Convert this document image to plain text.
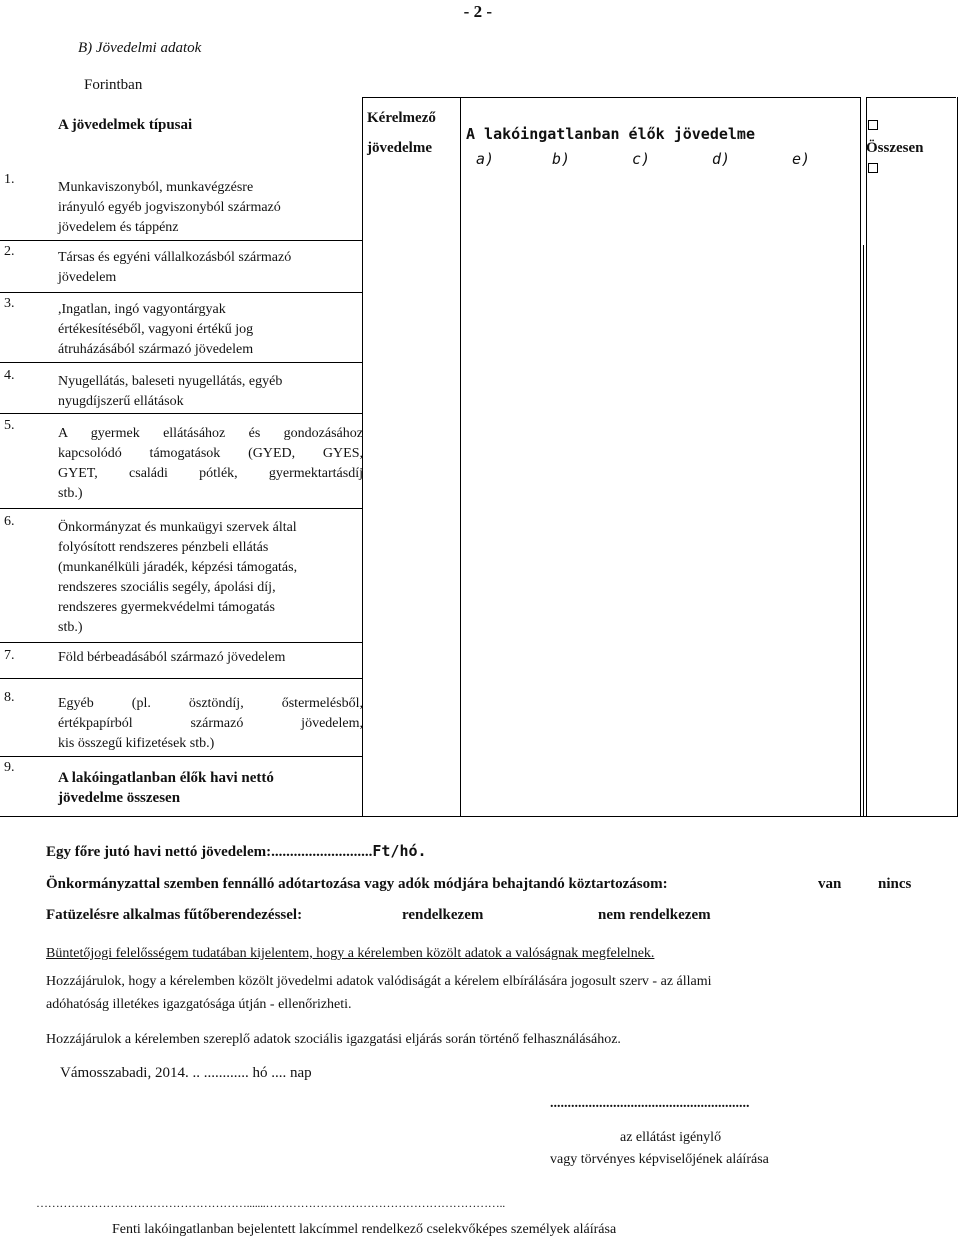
- 2 -
B) Jövedelmi adatok
Forintban
A jövedelmek típusai	Kérelmező
jövedelme
A lakóingatlanban élők jövedelme
a)	b)	c)	d)	e)
Összesen
1.
Munkaviszonyból, munkavégzésre
irányuló egyéb jogviszonyból származó
jövedelem és táppénz
2.	Társas és egyéni vállalkozásból származó
jövedelem
3.	,Ingatlan, ingó vagyontárgyak
értékesítéséből, vagyoni értékű jog
átruházásából származó jövedelem
4.	Nyugellátás, baleseti nyugellátás, egyéb
nyugdíjszerű ellátások
5.
A gyermek ellátásához és gondozásához
kapcsolódó támogatások (GYED, GYES,
GYET, családi pótlék, gyermektartásdíj
stb.)
6.	Önkormányzat és munkaügyi szervek által
folyósított rendszeres pénzbeli ellátás
(munkanélküli járadék, képzési támogatás,
rendszeres szociális segély, ápolási díj,
rendszeres gyermekvédelmi támogatás
stb.)
7.	Föld bérbeadásából származó jövedelem
8.	Egyéb (pl. ösztöndíj, őstermelésből,
értékpapírból származó jövedelem,
kis összegű kifizetések stb.)
9.
A lakóingatlanban élők havi nettó
jövedelme összesen
Egy főre jutó havi nettó jövedelem:...........................Ft/hó.
Önkormányzattal szemben fennálló adótartozása vagy adók módjára behajtandó köztartozásom:	van nincs
Fatüzelésre alkalmas fűtőberendezéssel:	rendelkezem	nem rendelkezem
Büntetőjogi felelősségem tudatában kijelentem, hogy a kérelemben közölt adatok a valóságnak megfelelnek.
Hozzájárulok, hogy a kérelemben közölt jövedelmi adatok valódiságát a kérelem elbírálására jogosult szerv - az állami
adóhatóság illetékes igazgatósága útján - ellenőrizheti.
Hozzájárulok a kérelemben szereplő adatok szociális igazgatási eljárás során történő felhasználásához.
Vámosszabadi, 2014. .. ............ hó .... nap
.........................................................
az ellátást igénylő
vagy törvényes képviselőjének aláírása
……………………………………………….......……………………………………………………..
Fenti lakóingatlanban bejelentett lakcímmel rendelkező cselekvőképes személyek aláírása
